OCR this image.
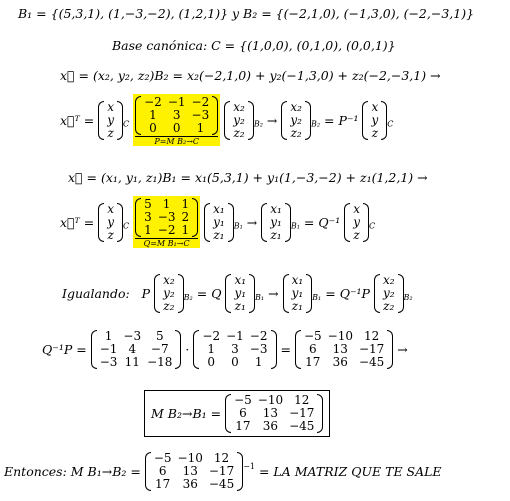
B₁ = {(5,3,1), (1,−3,−2), (1,2,1)} y B₂ = {(−2,1,0), (−1,3,0), (−2,−3,1)}
Base canónica: C = {(1,0,0), (0,1,0), (0,0,1)}
x⃗ = (x₂, y₂, z₂)B₂ = x₂(−2,1,0) + y₂(−1,3,0) + z₂(−2,−3,1) →
x⃗ᵀ =
x
y
z
$_C$
−2	−1	−2
1	3	−3
0	0	1
P=M B₂→C

x₂
y₂
z₂
$_{B_2}$ →
x₂
y₂
z₂
$_{B_2}$ = P⁻¹
x
y
z
$_C$
x⃗ = (x₁, y₁, z₁)B₁ = x₁(5,3,1) + y₁(1,−3,−2) + z₁(1,2,1) →
x⃗ᵀ =
x
y
z
$_C$
5	1	1
3	−3	2
1	−2	1
Q=M B₁→C

x₁
y₁
z₁
$_{B_1}$ →
x₁
y₁
z₁
$_{B_1}$ = Q⁻¹
x
y
z
$_C$
Igualando: P
x₂
y₂
z₂
$_{B_2}$ = Q
x₁
y₁
z₁
$_{B_1}$ →
x₁
y₁
z₁
$_{B_1}$ = Q⁻¹P
x₂
y₂
z₂
$_{B_2}$
Q⁻¹P =
1	−3	5
−1	4	−7
−3	11	−18
·
−2	−1	−2
1	3	−3
0	0	1
=
−5	−10	12
6	13	−17
17	36	−45
→
M B₂→B₁ =
−5	−10	12
6	13	−17
17	36	−45
Entonces: M B₁→B₂ =
−5	−10	12
6	13	−17
17	36	−45
$^{-1}$ = LA MATRIZ QUE TE SALE
